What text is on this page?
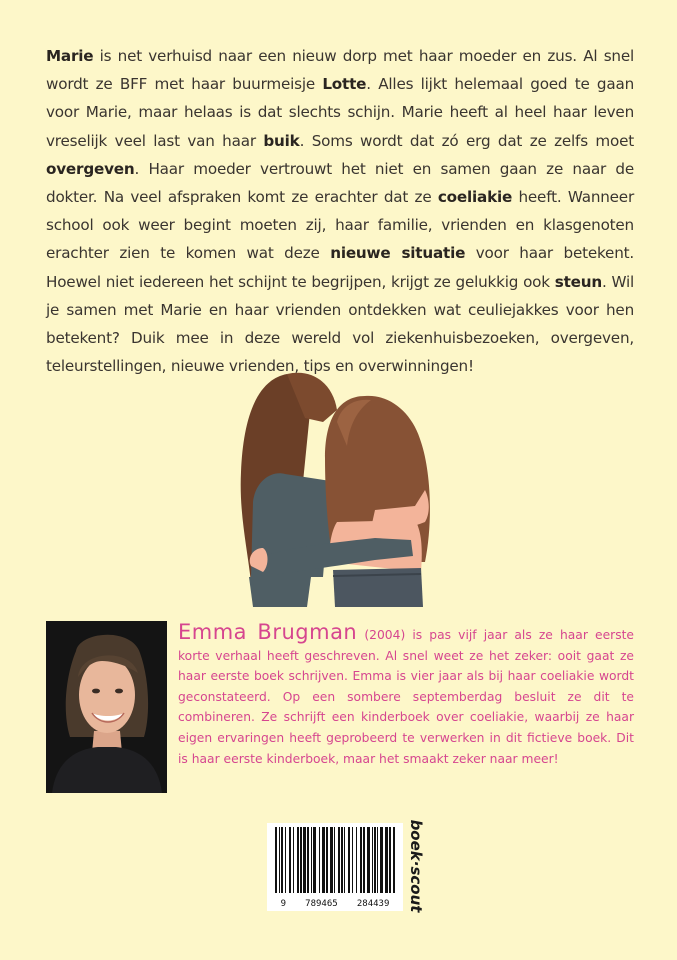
Marie is net verhuisd naar een nieuw dorp met haar moeder en zus. Al snel wordt ze BFF met haar buurmeisje Lotte. Alles lijkt helemaal goed te gaan voor Marie, maar helaas is dat slechts schijn. Marie heeft al heel haar leven vreselijk veel last van haar buik. Soms wordt dat zó erg dat ze zelfs moet overgeven. Haar moeder vertrouwt het niet en samen gaan ze naar de dokter. Na veel afspraken komt ze erachter dat ze coeliakie heeft. Wanneer school ook weer begint moeten zij, haar familie, vrienden en klasgenoten erachter zien te komen wat deze nieuwe situatie voor haar betekent. Hoewel niet iedereen het schijnt te begrijpen, krijgt ze gelukkig ook steun. Wil je samen met Marie en haar vrienden ontdekken wat ceuliejakkes voor hen betekent? Duik mee in deze wereld vol ziekenhuisbezoeken, overgeven, teleurstellingen, nieuwe vrienden, tips en overwinningen!

Emma Brugman (2004) is pas vijf jaar als ze haar eerste korte verhaal heeft geschreven. Al snel weet ze het zeker: ooit gaat ze haar eerste boek schrijven. Emma is vier jaar als bij haar coeliakie wordt geconstateerd. Op een sombere septemberdag besluit ze dit te combineren. Ze schrijft een kinderboek over coeliakie, waarbij ze haar eigen ervaringen heeft geprobeerd te verwerken in dit fictieve boek. Dit is haar eerste kinderboek, maar het smaakt zeker naar meer!

9 789465 284439 boek·scout
